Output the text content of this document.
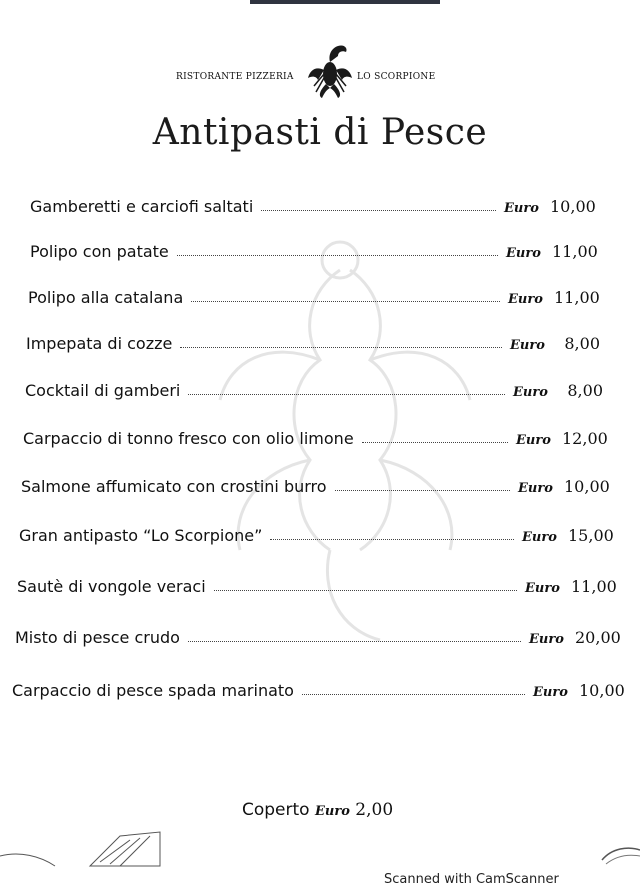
RISTORANTE PIZZERIA	LO SCORPIONE
Antipasti di Pesce
Gamberetti e carciofi saltati	Euro 10,00
Polipo con patate	Euro 11,00
Polipo alla catalana	Euro 11,00
Impepata di cozze	Euro	8,00
Cocktail di gamberi	Euro	8,00
Carpaccio di tonno fresco con olio limone	Euro 12,00
Salmone affumicato con crostini burro	Euro 10,00
Gran antipasto “Lo Scorpione”	Euro 15,00
Sautè di vongole veraci	Euro 11,00
Misto di pesce crudo	Euro 20,00
Carpaccio di pesce spada marinato	Euro 10,00
Coperto Euro 2,00
Scanned with CamScanner
